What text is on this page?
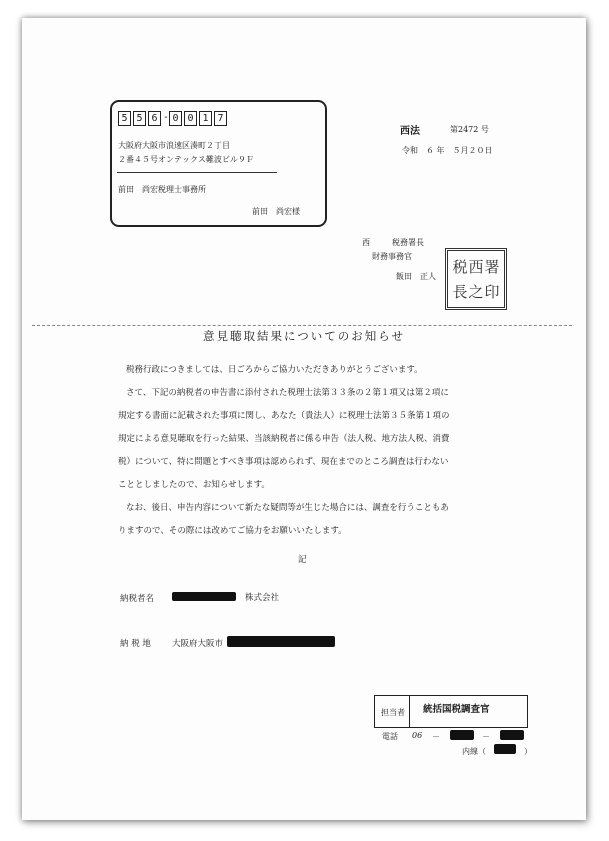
5 5 6 - 0 0 1 7
大阪府大阪市浪速区湊町２丁目
２番４５号オンテックス難波ビル９Ｆ
前田　尚宏税理士事務所
前田　尚宏様
西法	第2472 号
令和　６ 年　５月２０日
西	税務署長
財務事務官
飯田　正人
税 西 署
長 之 印
意見聴取結果についてのお知らせ
税務行政につきましては、日ごろからご協力いただきありがとうございます。
さて、下記の納税者の申告書に添付された税理士法第３３条の２第１項又は第２項に
規定する書面に記載された事項に関し、あなた（貴法人）に税理士法第３５条第１項の
規定による意見聴取を行った結果、当該納税者に係る申告（法人税、地方法人税、消費
税）について、特に問題とすべき事項は認められず、現在までのところ調査は行わない
こととしましたので、お知らせします。
なお、後日、申告内容について新たな疑問等が生じた場合には、調査を行うこともあ
りますので、その際には改めてご協力をお願いいたします。
記
納税者名	株式会社
納 税 地 大阪府大阪市
担当者 統括国税調査官
電話 06 －	－
内線（	）
